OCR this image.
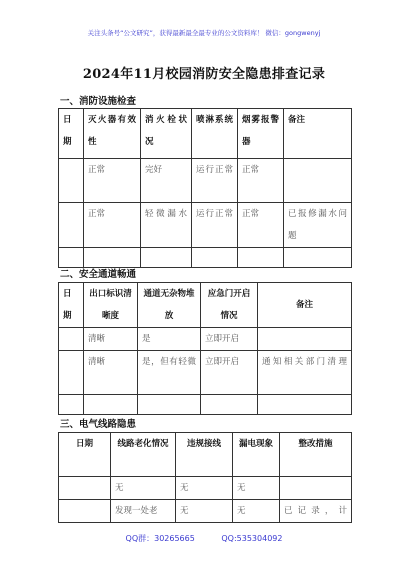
关注头条号“公文研究”，获得最新最全最专业的公文资料库！ 微信：gongwenyj
2024年11月校园消防安全隐患排查记录
一、消防设施检查
日期	灭火器有效性	消火栓状况	喷淋系统	烟雾报警器	备注
	正常	完好	运行正常	正常	
	正常	轻微漏水	运行正常	正常	已报修漏水问题

二、安全通道畅通
日期	出口标识清晰度	通道无杂物堆放	应急门开启情况	备注
	清晰	是	立即开启	
	清晰	是，但有轻微	立即开启	通知相关部门清理

三、电气线路隐患
日期	线路老化情况	违规接线	漏电现象	整改措施
	无	无	无	
	发现一处老	无	无	已记录，计
QQ群：30265665	QQ:535304092
